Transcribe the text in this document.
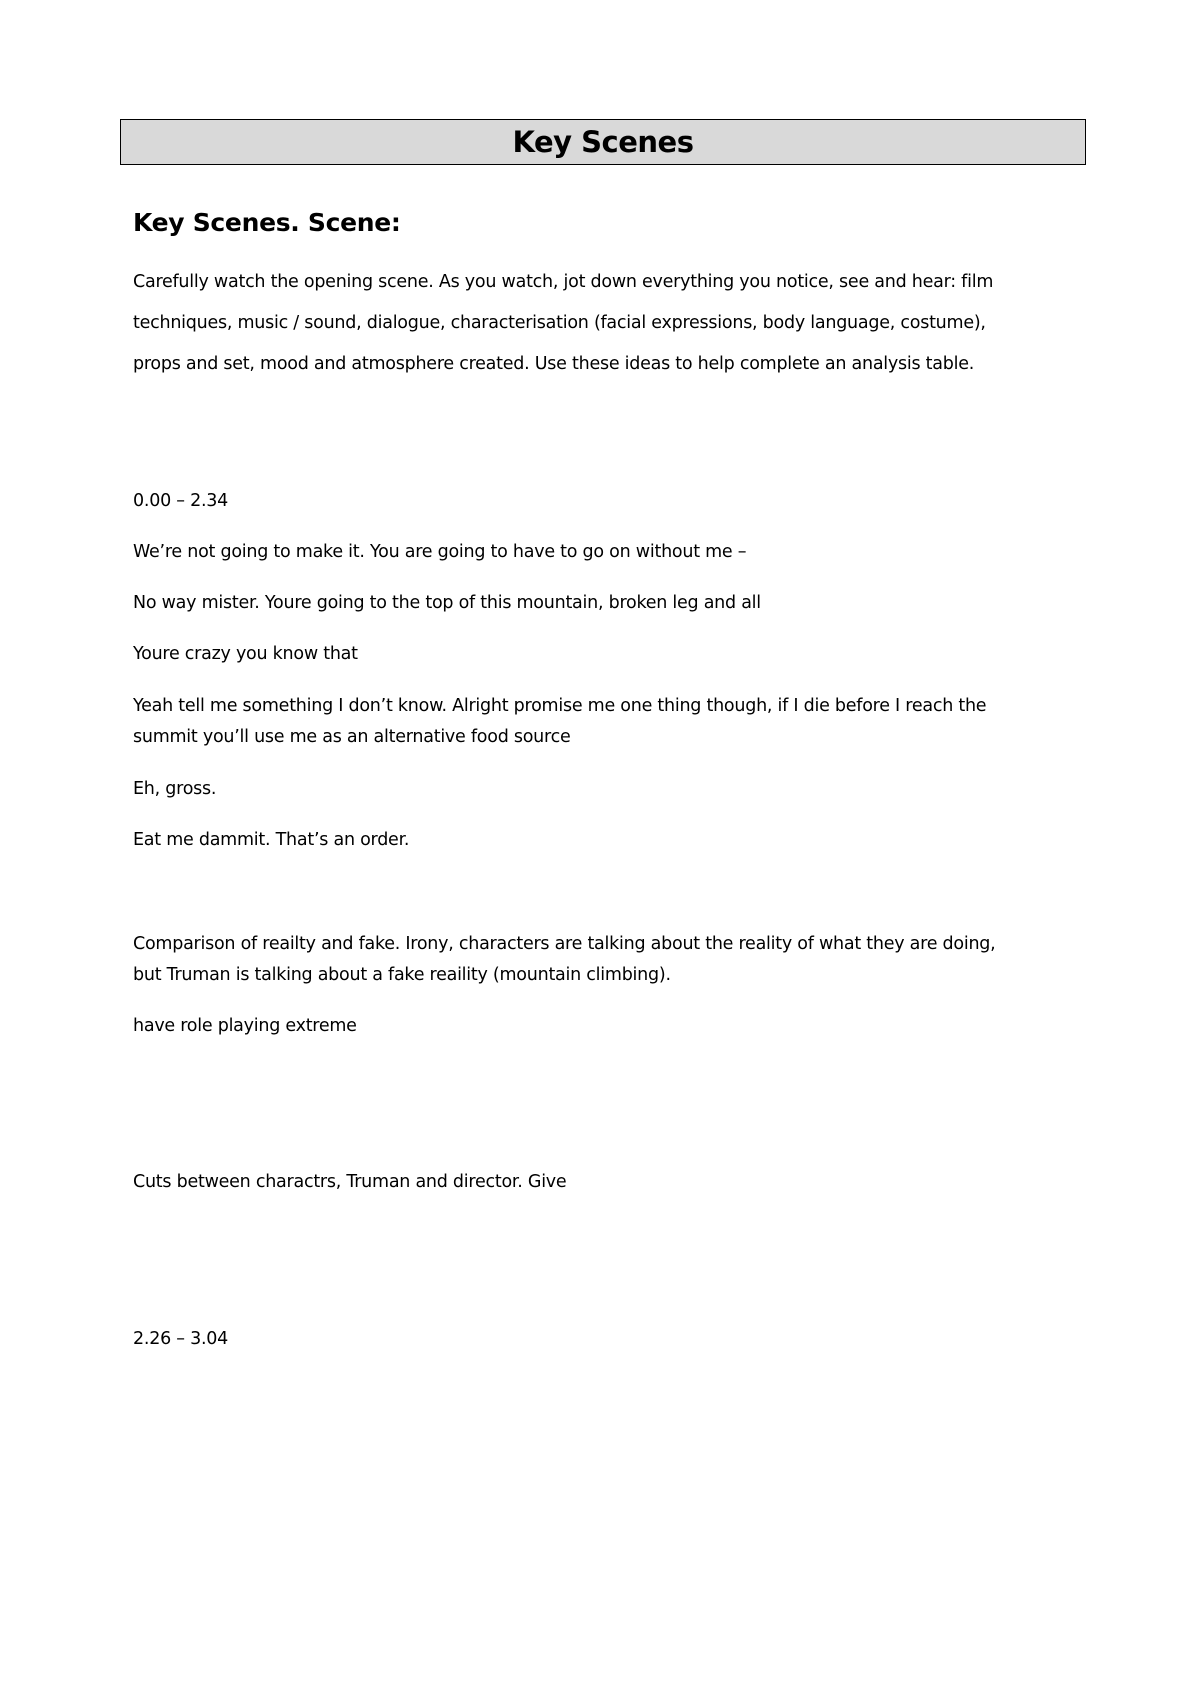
Key Scenes
Key Scenes. Scene:
Carefully watch the opening scene. As you watch, jot down everything you notice, see and hear: film
techniques, music / sound, dialogue, characterisation (facial expressions, body language, costume),
props and set, mood and atmosphere created. Use these ideas to help complete an analysis table.
0.00 – 2.34
We’re not going to make it. You are going to have to go on without me –
No way mister. Youre going to the top of this mountain, broken leg and all
Youre crazy you know that
Yeah tell me something I don’t know. Alright promise me one thing though, if I die before I reach the
summit you’ll use me as an alternative food source
Eh, gross.
Eat me dammit. That’s an order.
Comparison of reailty and fake. Irony, characters are talking about the reality of what they are doing,
but Truman is talking about a fake reaility (mountain climbing).
have role playing extreme
Cuts between charactrs, Truman and director. Give
2.26 – 3.04
